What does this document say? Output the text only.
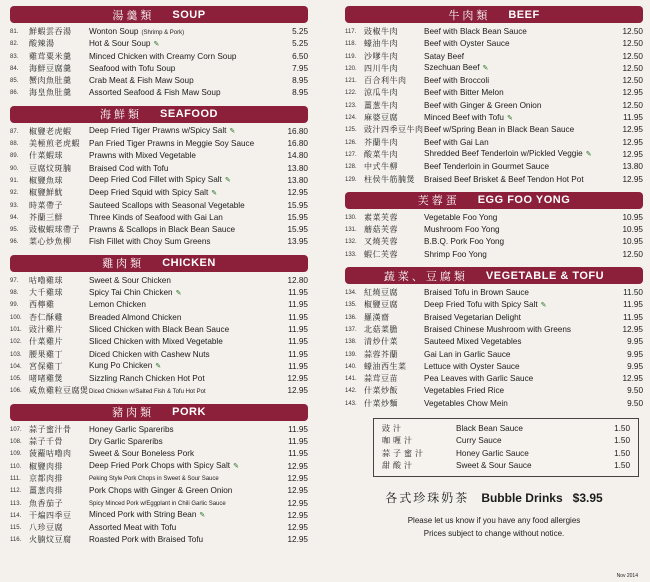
湯羹類 SOUP
81.	鮮蝦雲吞湯	Wonton Soup (Shrimp & Pork)	5.25
82.	酸辣湯	Hot & Sour Soup ✎	5.25
83.	雞茸粟米羹	Minced Chicken with Creamy Corn Soup	6.50
84.	海鮮豆腐羹	Seafood with Tofu Soup	7.95
85.	蟹肉魚肚羹	Crab Meat & Fish Maw Soup	8.95
86.	海皇魚肚羹	Assorted Seafood & Fish Maw Soup	8.95
海鮮類 SEAFOOD
87.	椒鹽老虎蝦	Deep Fried Tiger Prawns w/Spicy Salt ✎	16.80
88.	美極煎老虎蝦	Pan Fried Tiger Prawns in Meggie Soy Sauce	16.80
89.	什菜蝦球	Prawns with Mixed Vegetable	14.80
90.	豆腐炆斑腩	Braised Cod with Tofu	13.80
91.	椒鹽魚球	Deep Fried Cod Fillet with Spicy Salt ✎	13.80
92.	椒鹽鮮魷	Deep Fried Squid with Spicy Salt ✎	12.95
93.	時菜帶子	Sauteed Scallops with Seasonal Vegetable	15.95
94.	芥蘭三鮮	Three Kinds of Seafood with Gai Lan	15.95
95.	豉椒蝦球帶子	Prawns & Scallops in Black Bean Sauce	15.95
96.	菜心炒魚柳	Fish Fillet with Choy Sum Greens	13.95
雞肉類 CHICKEN
97.	咕嚕雞球	Sweet & Sour Chicken	12.80
98.	大千雞球	Spicy Tai Chin Chicken ✎	11.95
99.	西檸雞	Lemon Chicken	11.95
100. 杏仁酥雞	Breaded Almond Chicken	11.95
101. 豉汁雞片	Sliced Chicken with Black Bean Sauce	11.95
102. 什菜雞片	Sliced Chicken with Mixed Vegetable	11.95
103. 腰果雞丁	Diced Chicken with Cashew Nuts	11.95
104. 宮保雞丁	Kung Po Chicken ✎	11.95
105. 啫啫雞煲	Sizzling Ranch Chicken Hot Pot	12.95
106. 咸魚雞粒豆腐煲 Diced Chicken w/Salted Fish & Tofu Hot Pot	12.95
豬肉類 PORK
107. 蒜子蜜汁骨	Honey Garlic Spareribs	11.95
108. 蒜子千骨	Dry Garlic Spareribs	11.95
109. 菠蘿咕嚕肉	Sweet & Sour Boneless Pork	11.95
110. 椒鹽肉排	Deep Fried Pork Chops with Spicy Salt ✎	12.95
111.	京都肉排	Peking Style Pork Chops in Sweet & Sour Sauce	12.95
112. 薑葱肉排	Pork Chops with Ginger & Green Onion	12.95
113. 魚香茄子	Spicy Minced Pork w/Eggplant in Chili Garlic Sauce	12.95
114. 干煸四季豆	Minced Pork with String Bean ✎	12.95
115. 八珍豆腐	Assorted Meat with Tofu	12.95
116. 火腩炆豆腐	Roasted Pork with Braised Tofu	12.95
牛肉類 BEEF
117. 豉椒牛肉	Beef with Black Bean Sauce	12.50
118. 蠔油牛肉	Beef with Oyster Sauce	12.50
119. 沙嗲牛肉	Satay Beef	12.50
120. 四川牛肉	Szechuan Beef ✎	12.50
121. 百合利牛肉	Beef with Broccoli	12.50
122. 涼瓜牛肉	Beef with Bitter Melon	12.95
123. 薑葱牛肉	Beef with Ginger & Green Onion	12.50
124. 麻婆豆腐	Minced Beef with Tofu ✎	11.95
125. 豉汁四季豆牛肉 Beef w/Spring Bean in Black Bean Sauce	12.95
126. 芥蘭牛肉	Beef with Gai Lan	12.95
127. 酸菜牛肉	Shredded Beef Tenderloin w/Pickled Veggie ✎	12.95
128. 中式牛柳	Beef Tenderloin in Gourmet Sauce	13.80
129. 柱侯牛筋腩煲	Braised Beef Brisket & Beef Tendon Hot Pot	12.95
芙蓉蛋 EGG FOO YONG
130. 素菜芙蓉	Vegetable Foo Yong	10.95
131. 蘑菇芙蓉	Mushroom Foo Yong	10.95
132. 叉燒芙蓉	B.B.Q. Pork Foo Yong	10.95
133. 蝦仁芙蓉	Shrimp Foo Yong	12.50
蔬菜、豆腐類 VEGETABLE & TOFU
134. 紅燒豆腐	Braised Tofu in Brown Sauce	11.50
135. 椒鹽豆腐	Deep Fried Tofu with Spicy Salt ✎	11.95
136. 羅漢齋	Braised Vegetarian Delight	11.95
137. 北菇菜膽	Braised Chinese Mushroom with Greens	12.95
138. 清炒什菜	Sauteed Mixed Vegetables	9.95
139. 蒜蓉芥蘭	Gai Lan in Garlic Sauce	9.95
140. 蠔油西生菜	Lettuce with Oyster Sauce	9.95
141. 蒜茸豆苗	Pea Leaves with Garlic Sauce	12.95
142. 什菜炒飯	Vegetables Fried Rice	9.50
143. 什菜炒麵	Vegetables Chow Mein	9.50
豉汁	Black Bean Sauce	1.50
咖喱汁	Curry Sauce	1.50
蒜子蜜汁	Honey Garlic Sauce	1.50
甜酸汁	Sweet & Sour Sauce	1.50
各式珍珠奶茶 Bubble Drinks $3.95
Please let us know if you have any food allergies
Prices subject to change without notice.
Nov 2014
